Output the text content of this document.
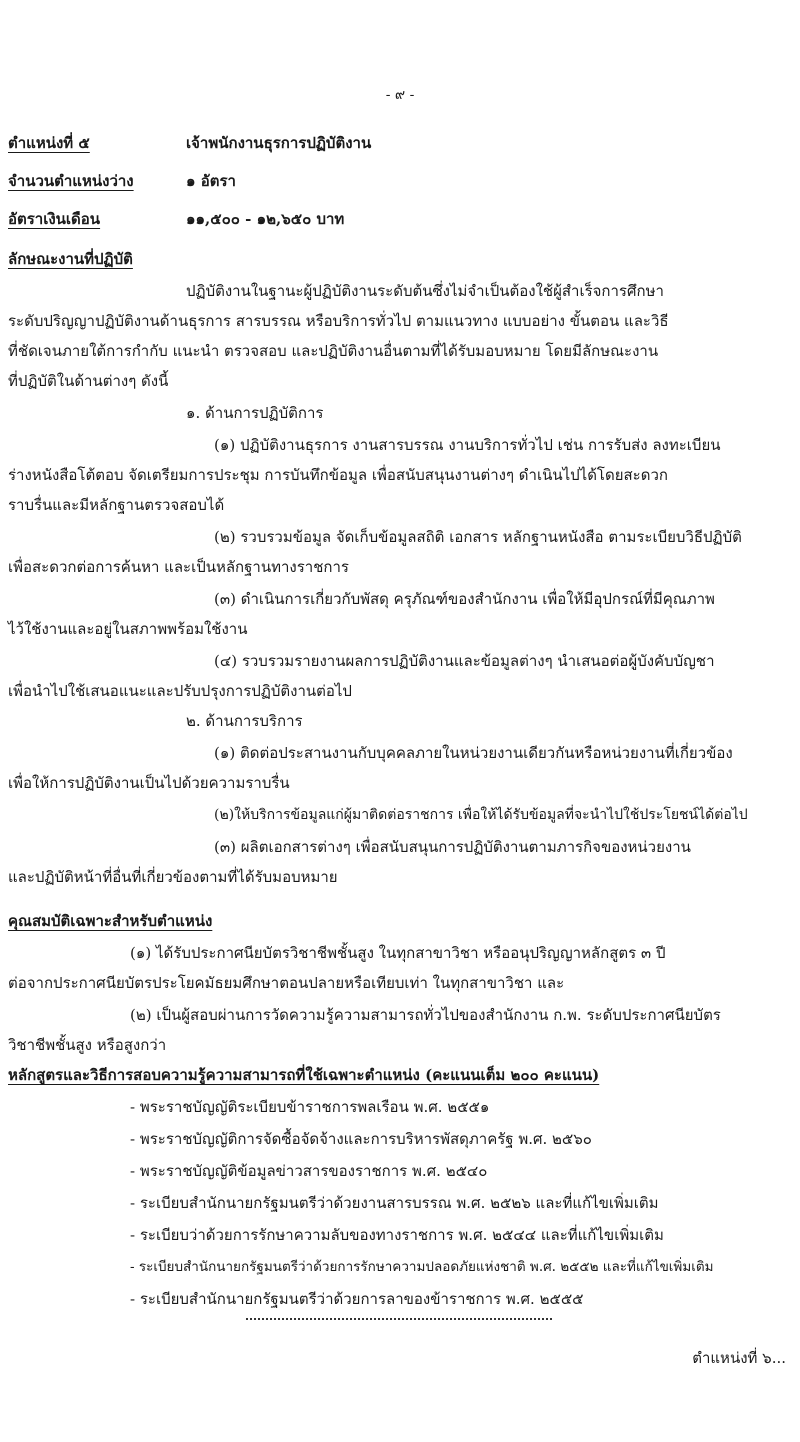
- ๙ -
ตำแหน่งที่ ๕	เจ้าพนักงานธุรการปฏิบัติงาน
จำนวนตำแหน่งว่าง	๑ อัตรา
อัตราเงินเดือน	๑๑,๕๐๐ - ๑๒,๖๕๐ บาท
ลักษณะงานที่ปฏิบัติ
ปฏิบัติงานในฐานะผู้ปฏิบัติงานระดับต้นซึ่งไม่จำเป็นต้องใช้ผู้สำเร็จการศึกษา
ระดับปริญญาปฏิบัติงานด้านธุรการ สารบรรณ หรือบริการทั่วไป ตามแนวทาง แบบอย่าง ขั้นตอน และวิธี
ที่ชัดเจนภายใต้การกำกับ แนะนำ ตรวจสอบ และปฏิบัติงานอื่นตามที่ได้รับมอบหมาย โดยมีลักษณะงาน
ที่ปฏิบัติในด้านต่างๆ ดังนี้
๑. ด้านการปฏิบัติการ
(๑) ปฏิบัติงานธุรการ งานสารบรรณ งานบริการทั่วไป เช่น การรับส่ง ลงทะเบียน
ร่างหนังสือโต้ตอบ จัดเตรียมการประชุม การบันทึกข้อมูล เพื่อสนับสนุนงานต่างๆ ดำเนินไปได้โดยสะดวก
ราบรื่นและมีหลักฐานตรวจสอบได้
(๒) รวบรวมข้อมูล จัดเก็บข้อมูลสถิติ เอกสาร หลักฐานหนังสือ ตามระเบียบวิธีปฏิบัติ
เพื่อสะดวกต่อการค้นหา และเป็นหลักฐานทางราชการ
(๓) ดำเนินการเกี่ยวกับพัสดุ ครุภัณฑ์ของสำนักงาน เพื่อให้มีอุปกรณ์ที่มีคุณภาพ
ไว้ใช้งานและอยู่ในสภาพพร้อมใช้งาน
(๔) รวบรวมรายงานผลการปฏิบัติงานและข้อมูลต่างๆ นำเสนอต่อผู้บังคับบัญชา
เพื่อนำไปใช้เสนอแนะและปรับปรุงการปฏิบัติงานต่อไป
๒. ด้านการบริการ
(๑) ติดต่อประสานงานกับบุคคลภายในหน่วยงานเดียวกันหรือหน่วยงานที่เกี่ยวข้อง
เพื่อให้การปฏิบัติงานเป็นไปด้วยความราบรื่น
(๒)ให้บริการข้อมูลแก่ผู้มาติดต่อราชการ เพื่อให้ได้รับข้อมูลที่จะนำไปใช้ประโยชน์ได้ต่อไป
(๓) ผลิตเอกสารต่างๆ เพื่อสนับสนุนการปฏิบัติงานตามภารกิจของหน่วยงาน
และปฏิบัติหน้าที่อื่นที่เกี่ยวข้องตามที่ได้รับมอบหมาย
คุณสมบัติเฉพาะสำหรับตำแหน่ง
(๑) ได้รับประกาศนียบัตรวิชาชีพชั้นสูง ในทุกสาขาวิชา หรืออนุปริญญาหลักสูตร ๓ ปี
ต่อจากประกาศนียบัตรประโยคมัธยมศึกษาตอนปลายหรือเทียบเท่า ในทุกสาขาวิชา และ
(๒) เป็นผู้สอบผ่านการวัดความรู้ความสามารถทั่วไปของสำนักงาน ก.พ. ระดับประกาศนียบัตร
วิชาชีพชั้นสูง หรือสูงกว่า
หลักสูตรและวิธีการสอบความรู้ความสามารถที่ใช้เฉพาะตำแหน่ง (คะแนนเต็ม ๒๐๐ คะแนน)
- พระราชบัญญัติระเบียบข้าราชการพลเรือน พ.ศ. ๒๕๕๑
- พระราชบัญญัติการจัดซื้อจัดจ้างและการบริหารพัสดุภาครัฐ พ.ศ. ๒๕๖๐
- พระราชบัญญัติข้อมูลข่าวสารของราชการ พ.ศ. ๒๕๔๐
- ระเบียบสำนักนายกรัฐมนตรีว่าด้วยงานสารบรรณ พ.ศ. ๒๕๒๖ และที่แก้ไขเพิ่มเติม
- ระเบียบว่าด้วยการรักษาความลับของทางราชการ พ.ศ. ๒๕๔๔ และที่แก้ไขเพิ่มเติม
- ระเบียบสำนักนายกรัฐมนตรีว่าด้วยการรักษาความปลอดภัยแห่งชาติ พ.ศ. ๒๕๕๒ และที่แก้ไขเพิ่มเติม
- ระเบียบสำนักนายกรัฐมนตรีว่าด้วยการลาของข้าราชการ พ.ศ. ๒๕๕๕
ตำแหน่งที่ ๖...
